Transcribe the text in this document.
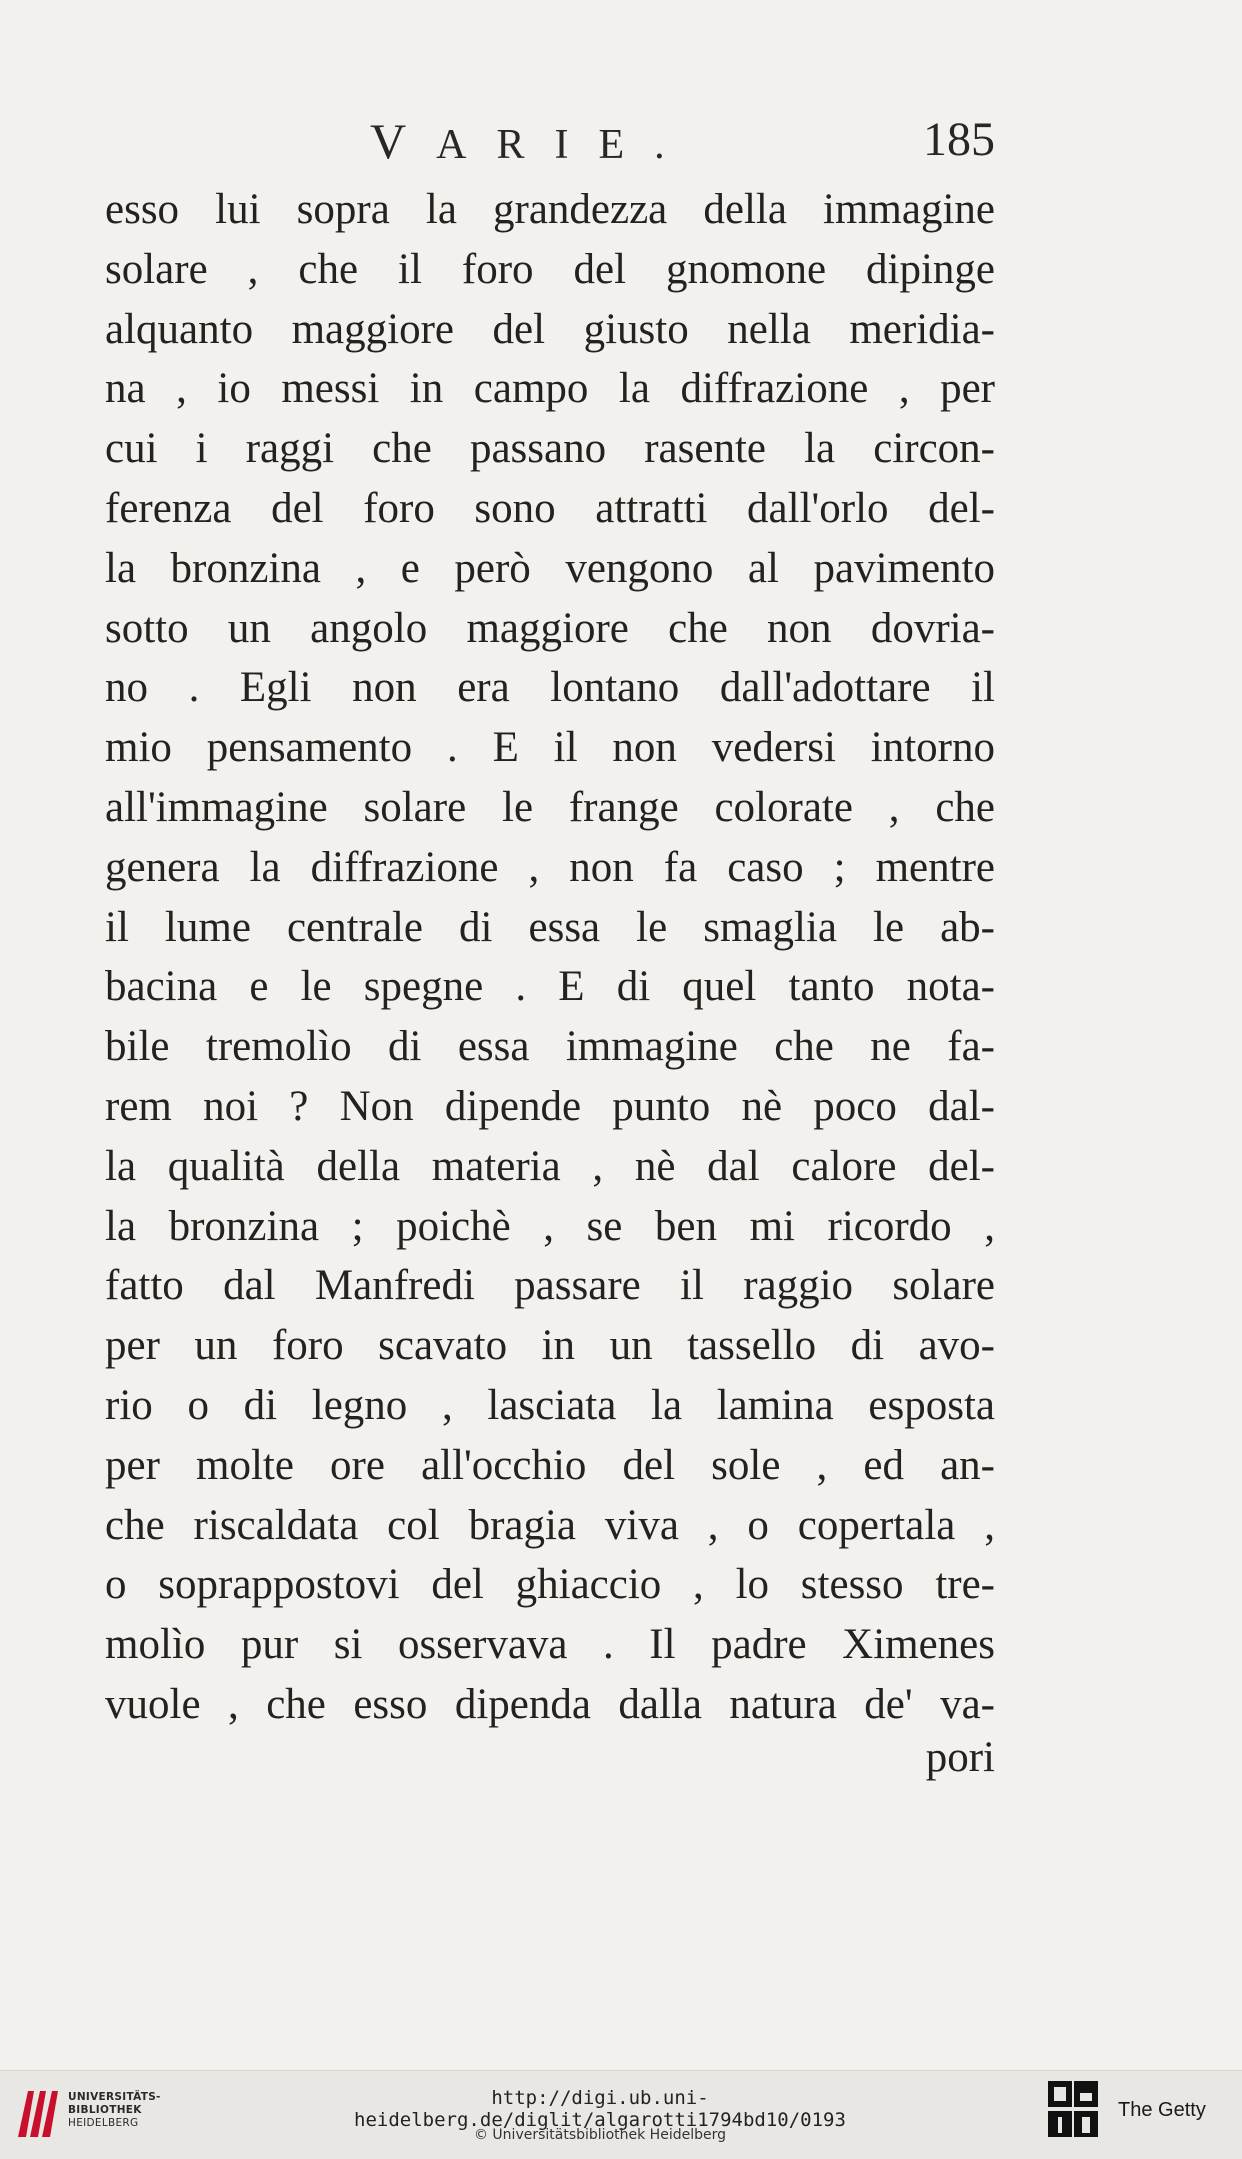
VARIE.	185
esso lui sopra la grandezza della immagine
solare , che il foro del gnomone dipinge
alquanto maggiore del giusto nella meridia-
na , io messi in campo la diffrazione , per
cui i raggi che passano rasente la circon-
ferenza del foro sono attratti dall'orlo del-
la bronzina , e però vengono al pavimento
sotto un angolo maggiore che non dovria-
no . Egli non era lontano dall'adottare il
mio pensamento . E il non vedersi intorno
all'immagine solare le frange colorate , che
genera la diffrazione , non fa caso ; mentre
il lume centrale di essa le smaglia le ab-
bacina e le spegne . E di quel tanto nota-
bile tremolìo di essa immagine che ne fa-
rem noi ? Non dipende punto nè poco dal-
la qualità della materia , nè dal calore del-
la bronzina ; poichè , se ben mi ricordo ,
fatto dal Manfredi passare il raggio solare
per un foro scavato in un tassello di avo-
rio o di legno , lasciata la lamina esposta
per molte ore all'occhio del sole , ed an-
che riscaldata col bragia viva , o copertala ,
o soprappostovi del ghiaccio , lo stesso tre-
molìo pur si osservava . Il padre Ximenes
vuole , che esso dipenda dalla natura de' va-
pori
UNIVERSITÄTS-
BIBLIOTHEK
HEIDELBERG
http://digi.ub.uni-heidelberg.de/diglit/algarotti1794bd10/0193
© Universitätsbibliothek Heidelberg
The Getty
